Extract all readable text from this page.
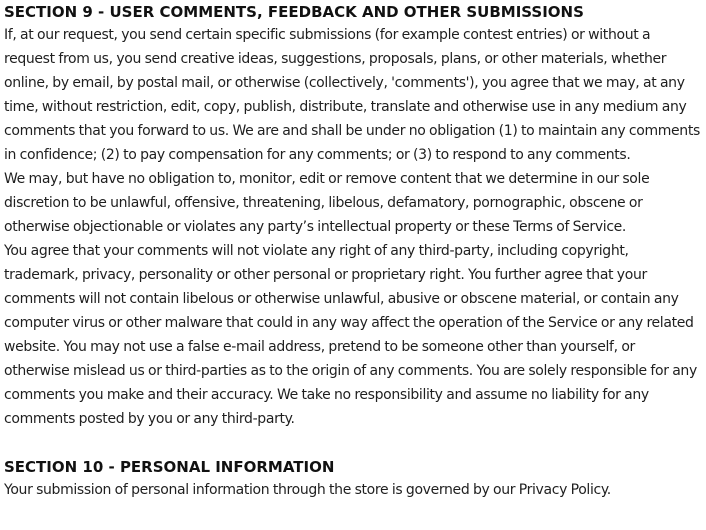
SECTION 9 - USER COMMENTS, FEEDBACK AND OTHER SUBMISSIONS

If, at our request, you send certain specific submissions (for example contest entries) or without a request from us, you send creative ideas, suggestions, proposals, plans, or other materials, whether online, by email, by postal mail, or otherwise (collectively, 'comments'), you agree that we may, at any time, without restriction, edit, copy, publish, distribute, translate and otherwise use in any medium any comments that you forward to us. We are and shall be under no obligation (1) to maintain any comments in confidence; (2) to pay compensation for any comments; or (3) to respond to any comments.

We may, but have no obligation to, monitor, edit or remove content that we determine in our sole discretion to be unlawful, offensive, threatening, libelous, defamatory, pornographic, obscene or otherwise objectionable or violates any party’s intellectual property or these Terms of Service.

You agree that your comments will not violate any right of any third-party, including copyright, trademark, privacy, personality or other personal or proprietary right. You further agree that your comments will not contain libelous or otherwise unlawful, abusive or obscene material, or contain any computer virus or other malware that could in any way affect the operation of the Service or any related website. You may not use a false e-mail address, pretend to be someone other than yourself, or otherwise mislead us or third-parties as to the origin of any comments. You are solely responsible for any comments you make and their accuracy. We take no responsibility and assume no liability for any comments posted by you or any third-party.

SECTION 10 - PERSONAL INFORMATION

Your submission of personal information through the store is governed by our Privacy Policy.
